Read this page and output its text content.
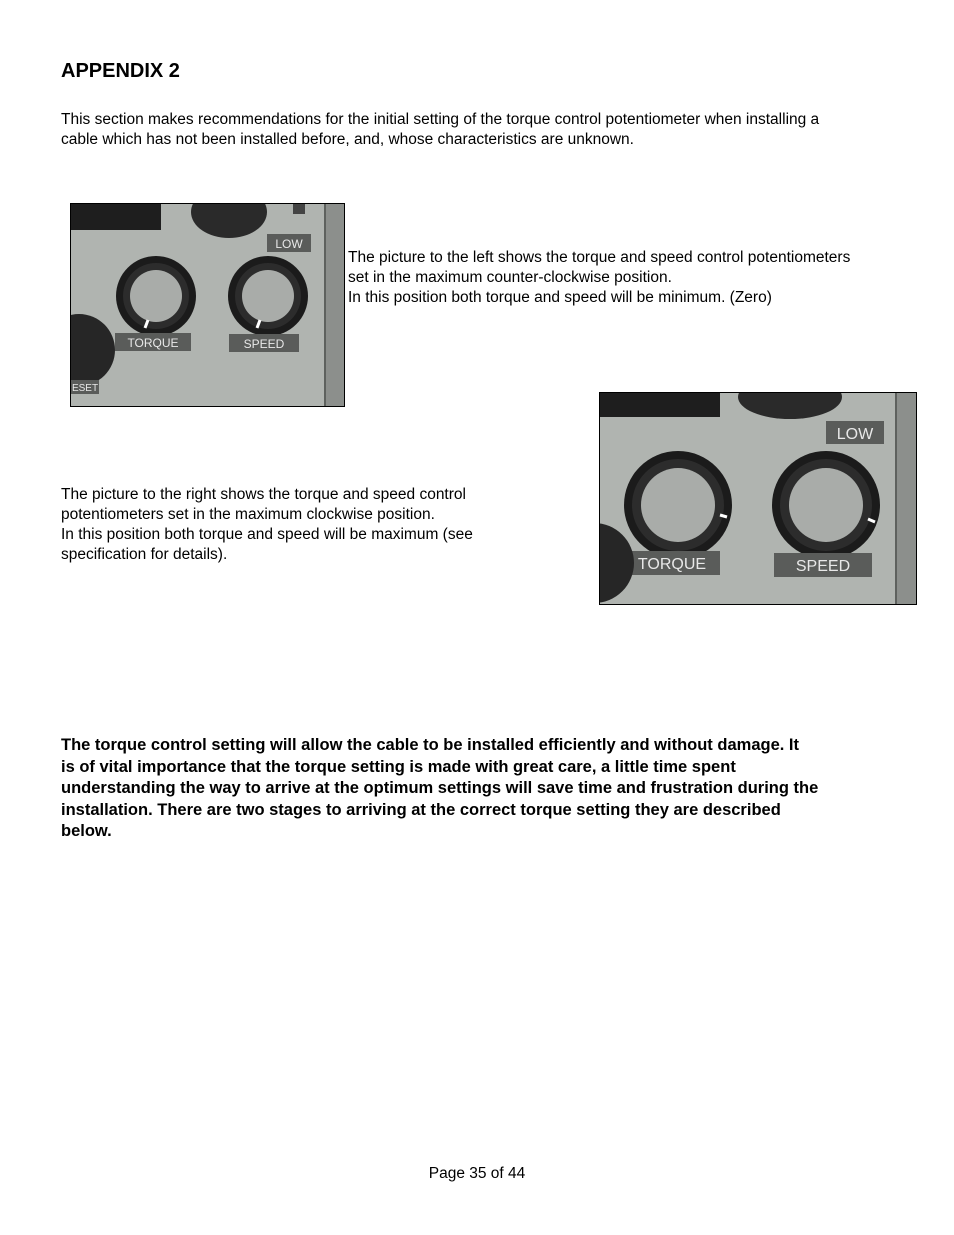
APPENDIX 2
This section makes recommendations for the initial setting of the torque control potentiometer when installing a
cable which has not been installed before, and, whose characteristics are unknown.
LOW
TORQUE	SPEED
ESET
The picture to the left shows the torque and speed control potentiometers
set in the maximum counter-clockwise position.
In this position both torque and speed will be minimum. (Zero)
The picture to the right shows the torque and speed control
potentiometers set in the maximum clockwise position.
In this position both torque and speed will be maximum (see
specification for details).
LOW
TORQUE	SPEED
The torque control setting will allow the cable to be installed efficiently and without damage. It
is of vital importance that the torque setting is made with great care, a little time spent
understanding the way to arrive at the optimum settings will save time and frustration during the
installation. There are two stages to arriving at the correct torque setting they are described
below.
Page 35 of 44
